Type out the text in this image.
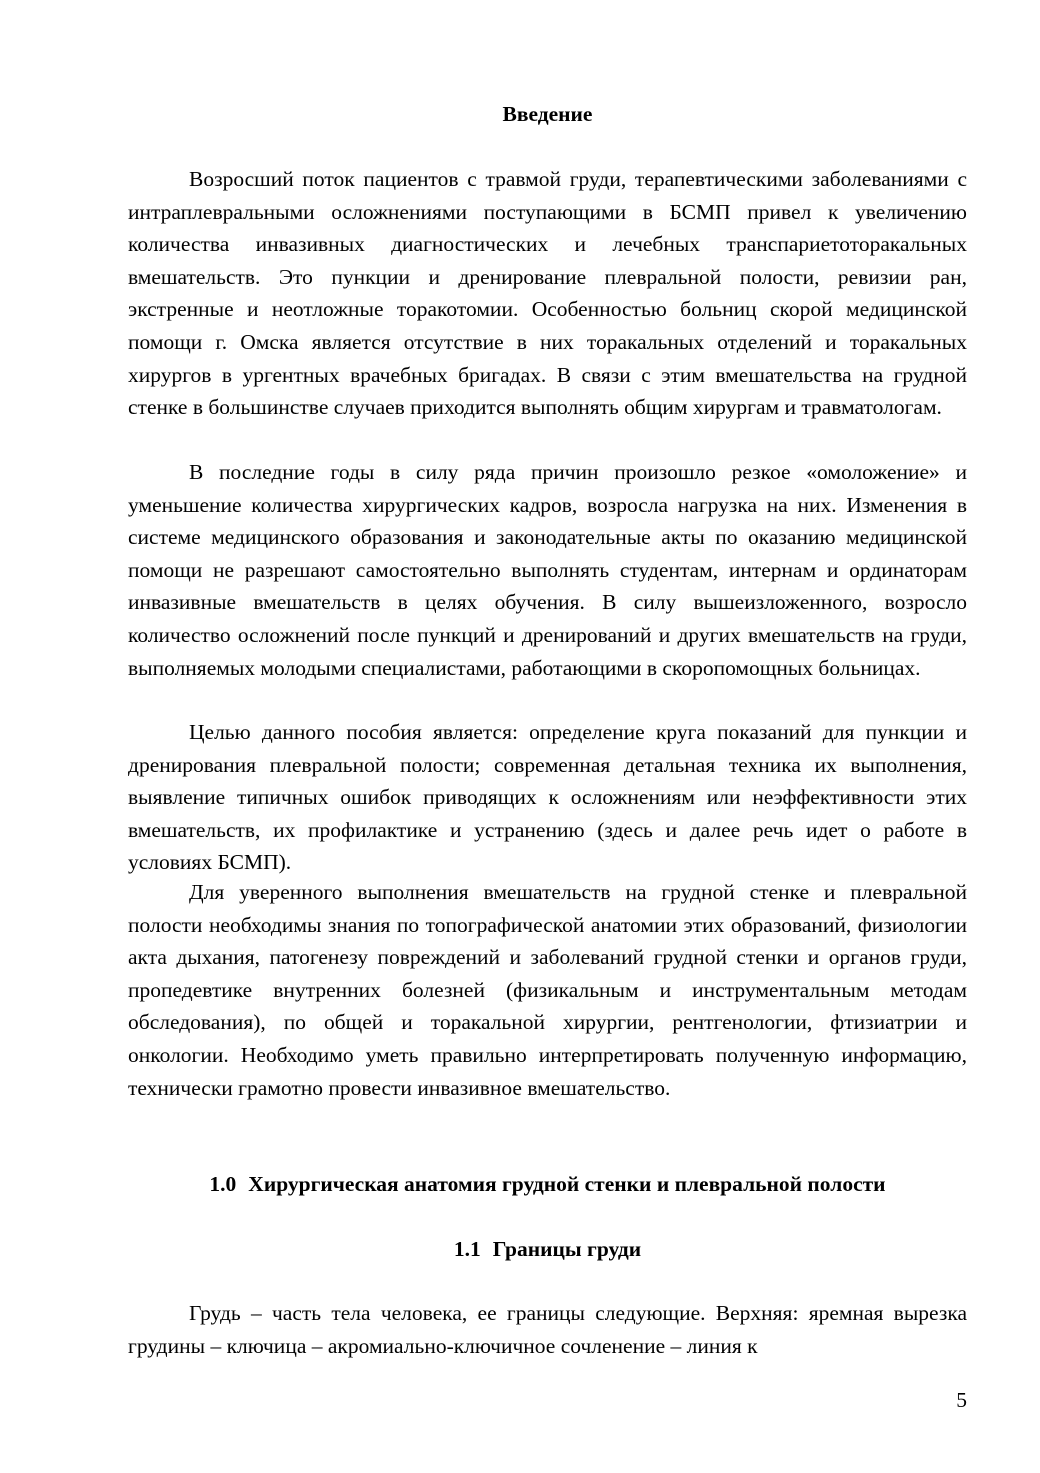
Введение

Возросший поток пациентов с травмой груди, терапевтическими заболеваниями с интраплевральными осложнениями поступающими в БСМП привел к увеличению количества инвазивных диагностических и лечебных транспариетоторакальных вмешательств. Это пункции и дренирование плевральной полости, ревизии ран, экстренные и неотложные торакотомии. Особенностью больниц скорой медицинской помощи г. Омска является отсутствие в них торакальных отделений и торакальных хирургов в ургентных врачебных бригадах. В связи с этим вмешательства на грудной стенке в большинстве случаев приходится выполнять общим хирургам и травматологам.

В последние годы в силу ряда причин произошло резкое «омоложение» и уменьшение количества хирургических кадров, возросла нагрузка на них. Изменения в системе медицинского образования и законодательные акты по оказанию медицинской помощи не разрешают самостоятельно выполнять студентам, интернам и ординаторам инвазивные вмешательств в целях обучения. В силу вышеизложенного, возросло количество осложнений после пункций и дренирований и других вмешательств на груди, выполняемых молодыми специалистами, работающими в скоропомощных больницах.

Целью данного пособия является: определение круга показаний для пункции и дренирования плевральной полости; современная детальная техника их выполнения, выявление типичных ошибок приводящих к осложнениям или неэффективности этих вмешательств, их профилактике и устранению (здесь и далее речь идет о работе в условиях БСМП).

Для уверенного выполнения вмешательств на грудной стенке и плевральной полости необходимы знания по топографической анатомии этих образований, физиологии акта дыхания, патогенезу повреждений и заболеваний грудной стенки и органов груди, пропедевтике внутренних болезней (физикальным и инструментальным методам обследования), по общей и торакальной хирургии, рентгенологии, фтизиатрии и онкологии. Необходимо уметь правильно интерпретировать полученную информацию, технически грамотно провести инвазивное вмешательство.

1.0 Хирургическая анатомия грудной стенки и плевральной полости
1.1 Границы груди

Грудь – часть тела человека, ее границы следующие. Верхняя: яремная вырезка грудины – ключица – акромиально-ключичное сочленение – линия к

5
